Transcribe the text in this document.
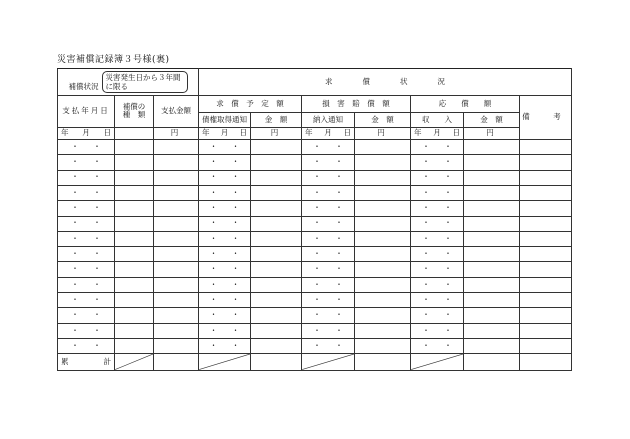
災害補償記録簿３号様(裏)
補償状況災害発生日から３年間に限る			求　　　　償　　　　状　　　　況						
支払年月日	補償の
種　類	支払金額	求　償　予　定　額		損　害　賠　償　額		応　　償　　額		備　考
			債権取得通知	金　額	納入通知	金　額	収　　入	金　額	

年 月 日		円	年 月 日	円	年 月 日	円	年 月 日	円	
・ ・			・ ・		・ ・		・ ・		
・ ・			・ ・		・ ・		・ ・		
・ ・			・ ・		・ ・		・ ・		
・ ・			・ ・		・ ・		・ ・		
・ ・			・ ・		・ ・		・ ・		
・ ・			・ ・		・ ・		・ ・		
・ ・			・ ・		・ ・		・ ・		
・ ・			・ ・		・ ・		・ ・		
・ ・			・ ・		・ ・		・ ・		
・ ・			・ ・		・ ・		・ ・		
・ ・			・ ・		・ ・		・ ・		
・ ・			・ ・		・ ・		・ ・		
・ ・			・ ・		・ ・		・ ・		
・ ・			・ ・		・ ・		・ ・		

累 計
